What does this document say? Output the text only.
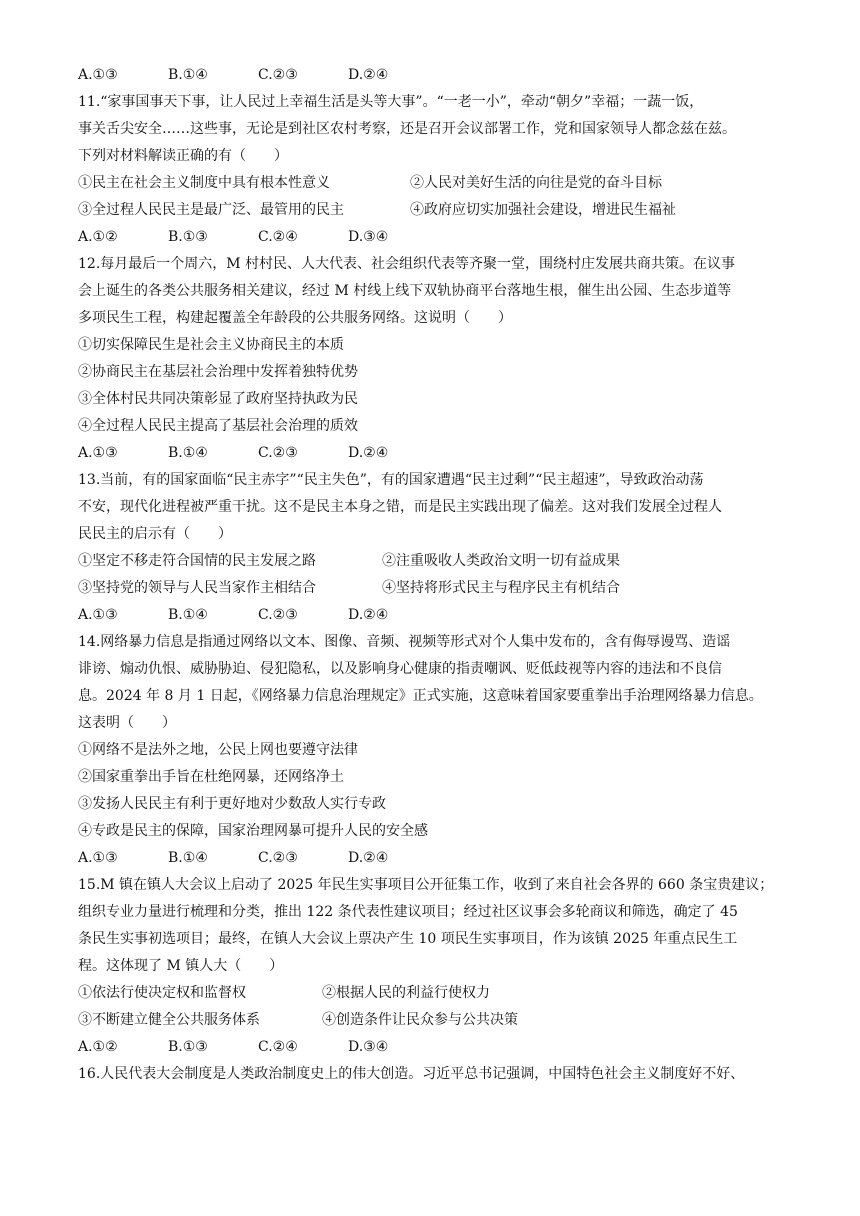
A.①③	B.①④	C.②③	D.②④
11.“家事国事天下事，让人民过上幸福生活是头等大事”。“一老一小”，牵动“朝夕”幸福；一蔬一饭，
事关舌尖安全……这些事，无论是到社区农村考察，还是召开会议部署工作，党和国家领导人都念兹在兹。
下列对材料解读正确的有（　　）
①民主在社会主义制度中具有根本性意义	②人民对美好生活的向往是党的奋斗目标
③全过程人民民主是最广泛、最管用的民主	④政府应切实加强社会建设，增进民生福祉
A.①②	B.①③	C.②④	D.③④
12.每月最后一个周六，M 村村民、人大代表、社会组织代表等齐聚一堂，围绕村庄发展共商共策。在议事
会上诞生的各类公共服务相关建议，经过 M 村线上线下双轨协商平台落地生根，催生出公园、生态步道等
多项民生工程，构建起覆盖全年龄段的公共服务网络。这说明（　　）
①切实保障民生是社会主义协商民主的本质
②协商民主在基层社会治理中发挥着独特优势
③全体村民共同决策彰显了政府坚持执政为民
④全过程人民民主提高了基层社会治理的质效
A.①③	B.①④	C.②③	D.②④
13.当前，有的国家面临“民主赤字”“民主失色”，有的国家遭遇“民主过剩”“民主超速”，导致政治动荡
不安，现代化进程被严重干扰。这不是民主本身之错，而是民主实践出现了偏差。这对我们发展全过程人
民民主的启示有（　　）
①坚定不移走符合国情的民主发展之路	②注重吸收人类政治文明一切有益成果
③坚持党的领导与人民当家作主相结合	④坚持将形式民主与程序民主有机结合
A.①③	B.①④	C.②③	D.②④
14.网络暴力信息是指通过网络以文本、图像、音频、视频等形式对个人集中发布的，含有侮辱谩骂、造谣
诽谤、煽动仇恨、威胁胁迫、侵犯隐私，以及影响身心健康的指责嘲讽、贬低歧视等内容的违法和不良信
息。2024 年 8 月 1 日起，《网络暴力信息治理规定》正式实施，这意味着国家要重拳出手治理网络暴力信息。
这表明（　　）
①网络不是法外之地，公民上网也要遵守法律
②国家重拳出手旨在杜绝网暴，还网络净土
③发扬人民民主有利于更好地对少数敌人实行专政
④专政是民主的保障，国家治理网暴可提升人民的安全感
A.①③	B.①④	C.②③	D.②④
15.M 镇在镇人大会议上启动了 2025 年民生实事项目公开征集工作，收到了来自社会各界的 660 条宝贵建议；
组织专业力量进行梳理和分类，推出 122 条代表性建议项目；经过社区议事会多轮商议和筛选，确定了 45
条民生实事初选项目；最终，在镇人大会议上票决产生 10 项民生实事项目，作为该镇 2025 年重点民生工
程。这体现了 M 镇人大（　　）
①依法行使决定权和监督权	②根据人民的利益行使权力
③不断建立健全公共服务体系	④创造条件让民众参与公共决策
A.①②	B.①③	C.②④	D.③④
16.人民代表大会制度是人类政治制度史上的伟大创造。习近平总书记强调，中国特色社会主义制度好不好、
